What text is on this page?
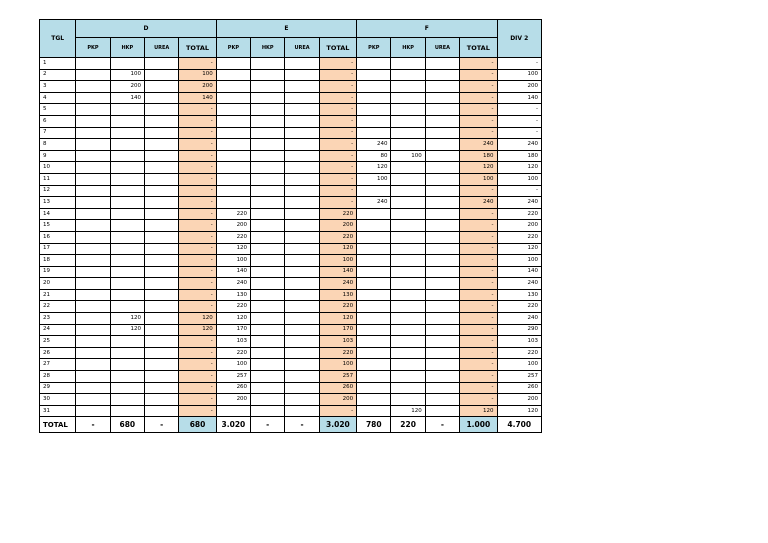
TGL	D				E				F				DIV 2
	PKP	HKP	UREA	TOTAL	PKP	HKP	UREA	TOTAL	PKP	HKP	UREA	TOTAL	
1				-				-				-	-
2		100		100				-				-	100
3		200		200				-				-	200
4		140		140				-				-	140
5				-				-				-	-
6				-				-				-	-
7				-				-				-	-
8				-				-	240			240	240
9				-				-	80	100		180	180
10				-				-	120			120	120
11				-				-	100			100	100
12				-				-				-	-
13				-				-	240			240	240
14				-	220			220				-	220
15				-	200			200				-	200
16				-	220			220				-	220
17				-	120			120				-	120
18				-	100			100				-	100
19				-	140			140				-	140
20				-	240			240				-	240
21				-	130			130				-	130
22				-	220			220				-	220
23		120		120	120			120				-	240
24		120		120	170			170				-	290
25				-	103			103				-	103
26				-	220			220				-	220
27				-	100			100				-	100
28				-	257			257				-	257
29				-	260			260				-	260
30				-	200			200				-	200
31				-				-		120		120	120
TOTAL	-	680	-	680	3.020	-	-	3.020	780	220	-	1.000	4.700
